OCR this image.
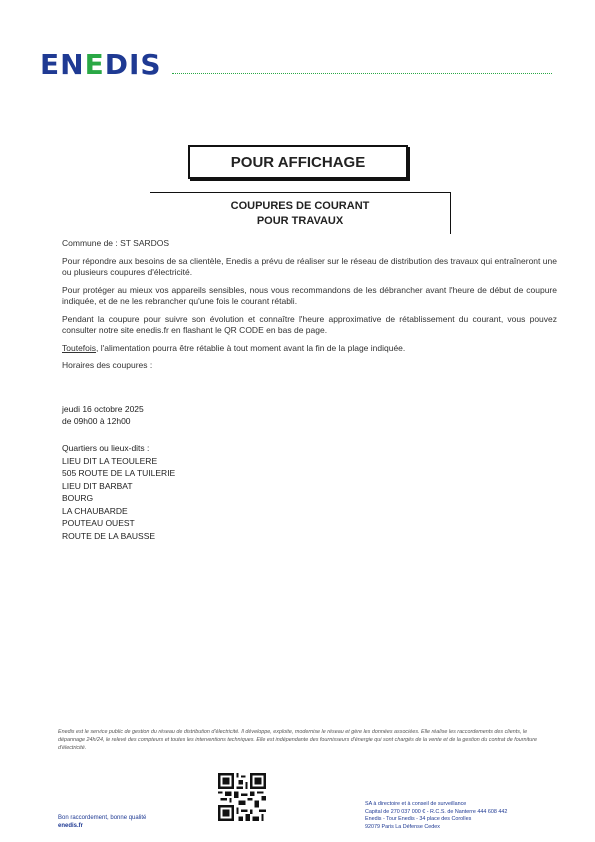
ENEDIS
POUR AFFICHAGE
COUPURES DE COURANT
POUR TRAVAUX

Commune de : ST SARDOS

Pour répondre aux besoins de sa clientèle, Enedis a prévu de réaliser sur le réseau de distribution des travaux qui entraîneront une ou plusieurs coupures d'électricité.

Pour protéger au mieux vos appareils sensibles, nous vous recommandons de les débrancher avant l'heure de début de coupure indiquée, et de ne les rebrancher qu'une fois le courant rétabli.

Pendant la coupure pour suivre son évolution et connaître l'heure approximative de rétablissement du courant, vous pouvez consulter notre site enedis.fr en flashant le QR CODE en bas de page.

Toutefois, l'alimentation pourra être rétablie à tout moment avant la fin de la plage indiquée.

Horaires des coupures :

jeudi 16 octobre 2025
de 09h00 à 12h00
Quartiers ou lieux-dits :
LIEU DIT LA TEOULERE
505 ROUTE DE LA TUILERIE
LIEU DIT BARBAT
BOURG
LA CHAUBARDE
POUTEAU OUEST
ROUTE DE LA BAUSSE
Enedis est le service public de gestion du réseau de distribution d'électricité. Il développe, exploite, modernise le réseau et gère les données associées. Elle réalise les raccordements des clients, le dépannage 24h/24, le relevé des compteurs et toutes les interventions techniques. Elle est indépendante des fournisseurs d'énergie qui sont chargés de la vente et de la gestion du contrat de fourniture d'électricité.
Bon raccordement, bonne qualité
enedis.fr
SA à directoire et à conseil de surveillance
Capital de 270 037 000 € - R.C.S. de Nanterre 444 608 442
Enedis - Tour Enedis - 34 place des Corolles
92079 Paris La Défense Cedex
